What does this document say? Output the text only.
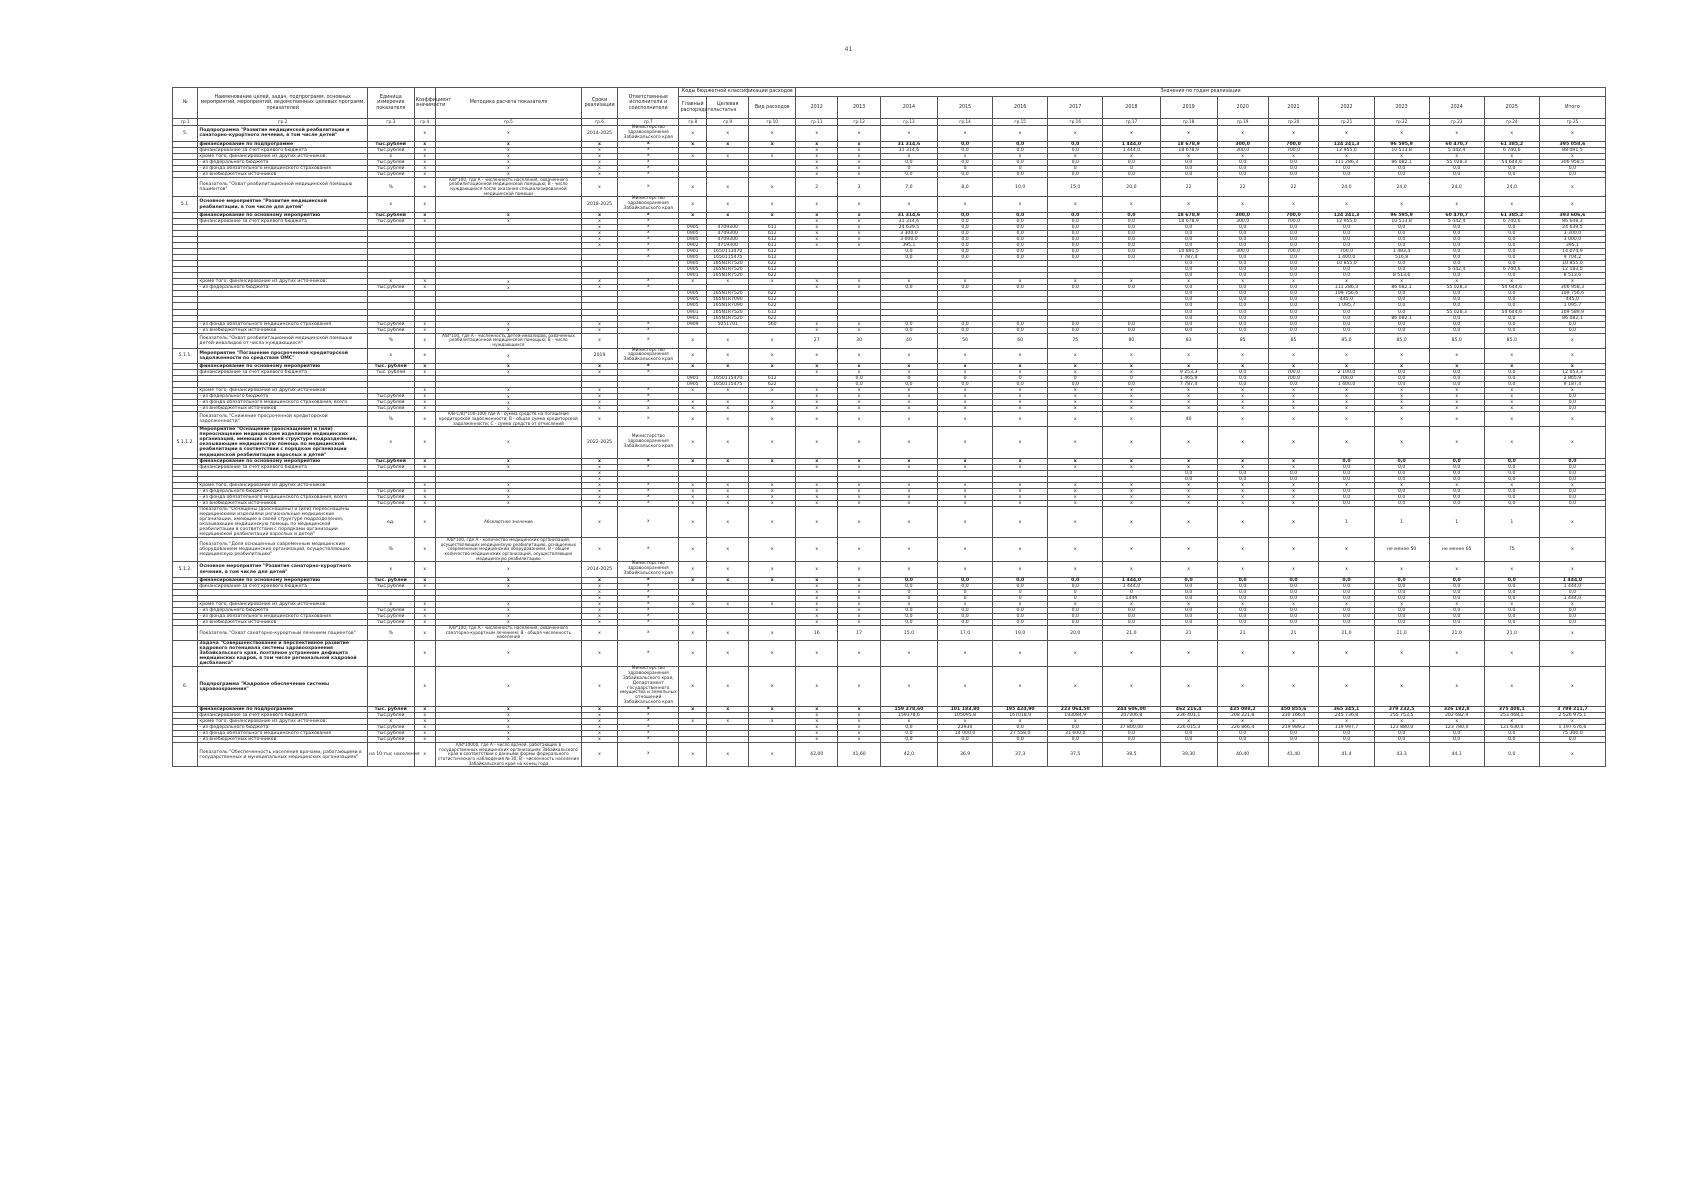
41
№	Наименование целей, задач, подпрограмм, основных мероприятий, мероприятий, ведомственных целевых программ, показателей	Единица измерения показателя	Коэффициент значимости	Методика расчета показателя	Сроки реализации	Ответственные исполнители и соисполнители	Коды бюджетной классификации расходов			Значения по годам реализации														
							Главный распорядитель	Целевая статья	Вид расходов	2012	2013	2014	2015	2016	2017	2018	2019	2020	2021	2022	2023	2024	2025	Итого
гр.1	гр.2	гр.3	гр.4	гр.5	гр.6	гр.7	гр.8	гр.9	гр.10	гр.11	гр.12	гр.13	гр.14	гр.15	гр.16	гр.17	гр.18	гр.19	гр.20	гр.21	гр.22	гр.23	гр.24	гр.25
5.	Подпрограмма "Развитие медицинской реабилитации и санаторно-курортного лечения, в том числе детей"		х	х	2014-2025	Министерство здравоохранения Забайкальского края	х	х	х	х	х	х	х	х	х	х	х	х	х	х	х	х	х	х
	финансирование по подпрограмме	тыс.рублей	х	х	х	х	х	х	х	х	х	31 314,6	0,0	0,0	0,0	1 444,0	18 678,9	300,0	700,0	124 241,3	96 595,9	60 470,7	61 385,2	395 058,6
	финансирование за счет краевого бюджета	тыс.рублей	х	х	х	х				х	х	31 314,6	0,0	0,0	0,0	1 444,0	18 678,9	300,0	700,0	12 955,0	10 513,8	5 442,4	6 740,6	88 091,5
	кроме того, финансирование из других источников:	х	х	х	х	х	х	х	х	х	х	х	х	х	х	х	х	х	х	х	х	х	х	х
	- из федерального бюджета	тыс.рублей	х	х	х	х				х	х	0,0	0,0	0,0	0,0	0,0	0,0	0,0	0,0	111 286,3	86 082,1	55 028,3	54 644,6	306 958,5
	- из фонда обязательного медицинского страхования	тыс.рублей	х	х	х	х				х	х	0	0	0	0	0	0,0	0,0	0,0	0,0	0,0	0,0	0,0	0,0
	- из внебюджетных источников	тыс.рублей	х	х	х	х				х	х	0,0	0,0	0,0	0,0	0,0	0,0	0,0	0,0	0,0	0,0	0,0	0,0	0,0
	Показатель "Охват реабилитационной медицинской помощью пациентов"	%	х	А/В*100, где А - численность населения, охваченного реабилитационной медицинской помощью; В - число нуждающихся после оказания специализированной медицинской помощи	х	х	х	х	х	2	3	7,0	8,0	10,0	15,0	20,0	22	22	22	24,0	24,0	24,0	24,0	х
5.1.	Основное мероприятие "Развитие медицинской реабилитации, в том числе для детей"	х	х		2018-2025	Министерство здравоохранения Забайкальского края	х	х	х	х	х	х	х	х	х	х	х	х	х	х	х	х	х	х
	финансирование по основному мероприятию	тыс.рублей	х	х	х	х	х	х	х	х	х	31 314,6	0,0	0,0	0,0	0,0	18 678,9	300,0	700,0	124 241,3	96 595,9	60 470,7	61 385,2	393 606,6
	финансирование за счет краевого бюджета	тыс.рублей	х	х	х	х				х	х	31 314,6	0,0	0,0	0,0	0,0	18 678,9	300,0	700,0	12 955,0	10 513,8	5 442,4	6 740,6	86 648,3
					х	х	0905	4709300	611	х	х	24 639,5	0,0	0,0	0,0	0,0	0,0	0,0	0,0	0,0	0,0	0,0	0,0	24 639,5
					х	х	0905	4709300	612	х	х	3 300,0	0,0	0,0	0,0	0,0	0,0	0,0	0,0	0,0	0,0	0,0	0,0	3 300,0
					х	х	0905	4709300	612	х	х	3 000,0	0,0	0,0	0,0	0,0	0,0	0,0	0,0	0,0	0,0	0,0	0,0	3 000,0
					х	х	0902	4719300	611	х	х	395,1	0,0	0,0	0,0	0,0	0,0	0,0	0,0	0,0	0,0	0,0	0,0	395,1
						х	0901	1650113470	612			0,0	0,0	0,0	0,0	0,0	10 891,5	300,0	700,0	700,0	1 483,4	0,0	0,0	14 074,9
						х	0905	1650115475	612			0,0	0,0	0,0	0,0	0,0	7 787,4	0,0	0,0	1 400,0	516,8	0,0	0,0	9 704,2
							0905	165N1R7520	622								0,0	0,0	0,0	10 855,0	0,0	0,0	0,0	10 855,0
							0905	165N1R7520	612								0,0	0,0	0,0	0,0	0,0	5 442,4	6 740,6	12 183,0
							0901	165N1R7520	622								0,0	0,0	0,0	0,0	8 513,6	0,0	0,0	8 513,6
	кроме того, финансирование из других источников:	х	х	х	х	х	х	х	х	х	х	х	х	х	х	х	х	х	х	х	х	х	х	х
	- из федерального бюджета	тыс.рублей	х	х	х	х				х	х	0,0	0,0	0,0	0,0	0,0	0,0	0,0	0,0	111 286,3	86 082,1	55 028,3	54 644,6	306 958,3
							0905	165N1R7520	622								0,0	0,0	0,0	109 756,6	0,0	0,0	0,0	109 756,6
							0905	165N1R7090	612								0,0	0,0	0,0	445,0	0,0	0,0	0,0	445,0
							0905	165N1R7090	622								0,0	0,0	0,0	1 095,7	0,0	0,0	0,0	1 095,7
							0901	165N1R7520	612								0,0	0,0	0,0	0,0	0,0	55 028,3	54 644,6	109 589,9
							0901	165N1R7520	622								0,0	0,0	0,0	0,0	86 082,1	0,0	0,0	86 082,1
	- из фонда обязательного медицинского страхования	тыс.рублей	х	х	х	х	0909	5051701	560	х	х	0,0	0,0	0,0	0,0	0,0	0,0	0,0	0,0	0,0	0,0	0,0	0,0	0,0
	- из внебюджетных источников	тыс.рублей	х	х	х	х				х	х	0,0	0,0	0,0	0,0	0,0	0,0	0,0	0,0	0,0	0,0	0,0	0,0	0,0
	Показатель "Охват реабилитационной медицинской помощью детей-инвалидов от числа нуждающихся"	%	х	А/В*100, где А - численность детей-инвалидов, охваченных реабилитационной медицинской помощью; В - число нуждающихся	х	х	х	х	х	27	30	40	50	60	75	80	83	85	85	85,0	85,0	85,0	85,0	х
5.1.1.	Мероприятие "Погашение просроченной кредиторской задолженности по средствам ОМС"	х	х	х	2019	Министерство здравоохранения Забайкальского края	х	х	х	х	х	х	х	х	х	х	х	х	х	х	х	х	х	х
	финансирование по основному мероприятию	тыс. рублей	х	х	х	х	х	х	х	х	х	х	х	х	х	х	х	х	х	х	х	х	х	х
	финансирование за счет краевого бюджета	тыс. рублей	х	х	х	х				х	х	х	х	х	х	х	9 253,3	0,0	700,0	2 100,0	0,0	0,0	0,0	12 053,3
							0901	1650115470	612		0,0	0	0	0	0	0	1 465,9	0,0	700,0	700,0	0,0	0,0	0,0	2 865,9
							0905	1650115475	622		0,0	0,0	0,0	0,0	0,0	0,0	7 787,4	0,0	0,0	1 400,0	0,0	0,0	0,0	9 187,4
	кроме того, финансирование из других источников:		х	х	х	х	х	х	х	х	х	х	х	х	х	х	х	х	х	х	х	х	х	х
	- из федерального бюджета	тыс.рублей	х	х	х	х				х	х	х	х	х	х	х	х	х	х	х	х	х	х	0,0
	- из фонда обязательного медицинского страхования, всего	тыс.рублей	х	х	х	х	х	х	х	х	х	х	х	х	х	х	х	х	х	х	х	х	х	0,0
	- из внебюджетных источников	тыс.рублей	х	х	х	х	х	х	х	х	х	х	х	х	х	х	х	х	х	х	х	х	х	0,0
	Показатель "Снижение просроченной кредиторской задолженности"	%	х	А/В-С/В)*100-100) где А - сумма средств на погашение кредиторской задолженности; В - общая сумма кредиторской задолженности; С - сумма средств от отчислений	х	х	х	х	х	х	х	х	х	х	х	х	40	х	х	х	х	х	х	х
5.1.1.2.	Мероприятие "Оснащение (дооснащение) и (или) переоснащение медицинским изделиями медицинских организаций, имеющих в своей структуре подразделения, оказывающие медицинскую помощь по медицинской реабилитации в соответствии с порядком организации медицинской реабилитации взрослых и детей"	х	х	х	2022-2025	Министерство здравоохранения Забайкальского края	х	х	х	х	х	х	х	х	х	х	х	х	х	х	х	х	х	х
	финансирование по основному мероприятию	тыс.рублей	х	х	х	х	х	х	х	х	х	х	х	х	х	х	х	х	х	0,0	0,0	0,0	0,0	0,0
	финансирование за счет краевого бюджета	тыс.рублей	х	х	х	х				х	х	х	х	х	х	х	х	х	х	0,0	0,0	0,0	0,0	0,0
					х												0,0	0,0	0,0	0,0	0,0	0,0	0,0	0,0
					х												0,0	0,0	0,0	0,0	0,0	0,0	0,0	0,0
	кроме того, финансирование из других источников:		х	х	х	х	х	х	х	х	х	х	х	х	х	х	х	х	х	х	х	х	х	х
	- из федерального бюджета	тыс.рублей	х	х	х	х	х	х	х	х	х	х	х	х	х	х	х	х	х	0,0	0,0	0,0	0,0	0,0
	- из фонда обязательного медицинского страхования, всего	тыс.рублей	х	х	х	х	х	х	х	х	х	х	х	х	х	х	х	х	х	0,0	0,0	0,0	0,0	0,0
	- из внебюджетных источников	тыс.рублей	х	х	х	х	х	х	х	х	х	х	х	х	х	х	х	х	х	0,0	0,0	0,0	0,0	0,0
	Показатель "Оснащены (дооснащены) и (или) переоснащены медицинскими изделиями региональные медицинские организации, имеющие в своей структуре подразделения, оказывающие медицинскую помощь по медицинской реабилитации в соответствии с порядками организации медицинской реабилитации взрослых и детей"	ед.	х	Абсолютное значение	х	х	х	х	х	х	х	х	х	х	х	х	х	х	х	1	1	1	1	х
	Показатель "Доля оснащенных современным медицинским оборудованием медицинских организаций, осуществляющих медицинскую реабилитацию"	%	х	А/В*100, где А - количество медицинских организаций, осуществляющих медицинскую реабилитацию, оснащенных современным медицинским оборудованием; В - общее количество медицинских организаций, осуществляющих медицинскую реабилитацию	х	х	х	х	х	х	х	х	х	х	х	х	х	х	х	х	не менее 50	не менее 65	75	х
5.1.2.	Основное мероприятие "Развитие санаторно-курортного лечения, в том числе для детей"	х	х	х	2014-2025	Министерство здравоохранения Забайкальского края	х	х	х	х	х	х	х	х	х	х	х	х	х	х	х	х	х	х
	финансирование по основному мероприятию	тыс. рублей	х	х	х	х	х	х	х	х	х	0,0	0,0	0,0	0,0	1 444,0	0,0	0,0	0,0	0,0	0,0	0,0	0,0	1 444,0
	финансирование за счет краевого бюджета	тыс.рублей	х	х	х	х				х	х	0,0	0,0	0,0	0,0	1 444,0	0,0	0,0	0,0	0,0	0,0	0,0	0,0	1 444,0
					х	х				х	х	0	0	0	0	0	0,0	0,0	0,0	0,0	0,0	0,0	0,0	0,0
					х	х				х	х	0	0	0	0	1444	0,0	0,0	0,0	0,0	0,0	0,0	0,0	1 444,0
	кроме того, финансирование из других источников:	х	х	х	х	х	х	х	х	х	х	х	х	х	х	х	х	х	х	х	х	х	х	х
	- из федерального бюджета	тыс.рублей	х	х	х	х				х	х	0,0	0,0	0,0	0,0	0,0	0,0	0,0	0,0	0,0	0,0	0,0	0,0	0,0
	- из фонда обязательного медицинского страхования	тыс.рублей	х	х	х	х				х	х	0,0	0,0	0,0	0,0	0,0	0,0	0,0	0,0	0,0	0,0	0,0	0,0	0,0
	- из внебюджетных источников	тыс.рублей	х	х	х	х				х	х	0,0	0,0	0,0	0,0	0,0	0,0	0,0	0,0	0,0	0,0	0,0	0,0	0,0
	Показатель "Охват санаторно-курортным лечением пациентов"	%	х	А/В*100, где А - численность населения, охваченного санаторно-курортным лечением; В - общая численность населения	х	х	х	х	х	16	17	15,0	17,0	19,0	20,0	21,0	21	21	21	21,0	21,0	21,0	21,0	х
	Задача "Совершенствование и перспективное развитие кадрового потенциала системы здравоохранения Забайкальского края, поэтапное устранение дефицита медицинских кадров, в том числе региональной кадровой дисбаланса"		х	х	х	х	х	х	х	х	х	х	х	х	х	х	х	х	х	х	х	х	х	х
6.	Подпрограмма "Кадровое обеспечение системы здравоохранения"		х	х	х	Министерство здравоохранения Забайкальского края, Департамент государственного имущества и земельных отношений Забайкальского края	х	х	х	х	х	х	х	х	х	х	х	х	х	х	х	х	х	х
	финансирование по подпрограмме	тыс. рублей	х	х	х	х	х	х	х	х	х	159 378,60	101 183,80	195 424,90	223 064,50	244 606,00	462 216,4	435 088,2	450 855,6	365 245,1	379 232,5	326 182,8	375 408,1	3 799 211,7
	финансирование за счет краевого бюджета	тыс.рублей	х	х	х	х				х	х	159378,6	105095,8	167018,9	193084,9	207206,8	236 401,1	208 221,8	230 166,4	245 736,8	255 753,5	202 682,9	253 468,1	2 526 975,1
	кроме того, финансирование из других источников:	х	х	х	х	х	х	х	х	х	х	х	х	х	х	х	х	х	х	х	х	х	х	х
	- из федерального бюджета	тыс.рублей	х	х	х	х				х	х	0,0	22930	0,0	0,0	37 800,00	226 015,3	226 866,4	219 989,2	119 997,7	123 880,0	123 780,0	121 630,0	1 197 676,6
	- из фонда обязательного медицинского страхования	тыс.рублей	х	х	х	х				х	х	0,0	14 000,0	27 558,0	31 600,0	0,0	0,0	0,0	0,0	0,0	0,0	0,0	0,0	75 300,0
	- из внебюджетных источников	тыс.рублей	х	х	х	х				х	х	0,0	0,0	0,0	0,0	0,0	0,0	0,0	0,0	0,0	0,0	0,0	0,0	0,0
	Показатель "Обеспеченность населения врачами, работающими в государственных и муниципальных медицинских организациях"	на 10 тыс населения	х	А/В*10000, где А - число врачей, работающих в государственных медицинских организациях Забайкальского края в соответствии с данными формы федерального статистического наблюдения № 30; В - численность населения Забайкальского края на конец года	х	х	х	х	х	42,00	41,60	42,0	36,9	37,3	37,5	38,5	39,30	40,40	41,40	41,4	43,3	44,1	0,0	х
